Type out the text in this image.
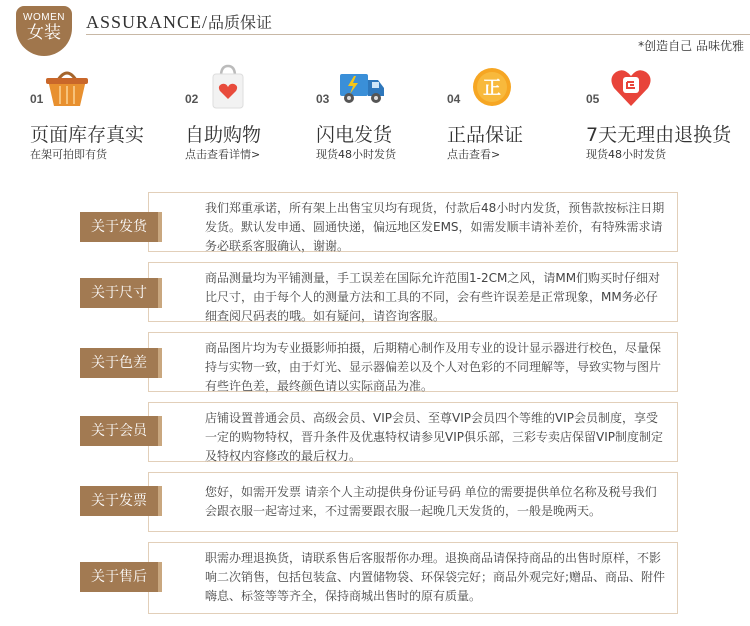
WOMEN
女装
ASSURANCE/品质保证
*创造自己 品味优雅
01
页面库存真实
在架可拍即有货
02
自助购物
点击查看详情>
03
闪电发货
现货48小时发货
04 正
正品保证
点击查看>
05
7天无理由退换货
现货48小时发货

我们郑重承诺，所有架上出售宝贝均有现货，付款后48小时内发货，预售款按标注日期发货。默认发申通、圆通快递，偏远地区发EMS，如需发顺丰请补差价，有特殊需求请务必联系客服确认，谢谢。

关于发货

商品测量均为平铺测量，手工误差在国际允许范围1-2CM之风，请MM们购买时仔细对比尺寸，由于每个人的测量方法和工具的不同，会有些许误差是正常现象，MM务必仔细查阅尺码表的哦。如有疑问，请咨询客服。

关于尺寸

商品图片均为专业摄影师拍摄，后期精心制作及用专业的设计显示器进行校色，尽量保持与实物一致，由于灯光、显示器偏差以及个人对色彩的不同理解等，导致实物与图片有些许色差，最终颜色请以实际商品为准。

关于色差

店铺设置普通会员、高级会员、VIP会员、至尊VIP会员四个等维的VIP会员制度，享受一定的购物特权，晋升条件及优惠特权请参见VIP俱乐部，三彩专卖店保留VIP制度制定及特权内容修改的最后权力。

关于会员

您好，如需开发票 请亲个人主动提供身份证号码 单位的需要提供单位名称及税号我们会跟衣服一起寄过来，不过需要跟衣服一起晚几天发货的，一般是晚两天。

关于发票

职需办理退换货，请联系售后客服帮你办理。退换商品请保持商品的出售时原样，不影响二次销售，包括包装盒、内置储物袋、环保袋完好；商品外观完好;赠品、商品、附件嗨息、标签等等齐全，保持商城出售时的原有质量。

关于售后
